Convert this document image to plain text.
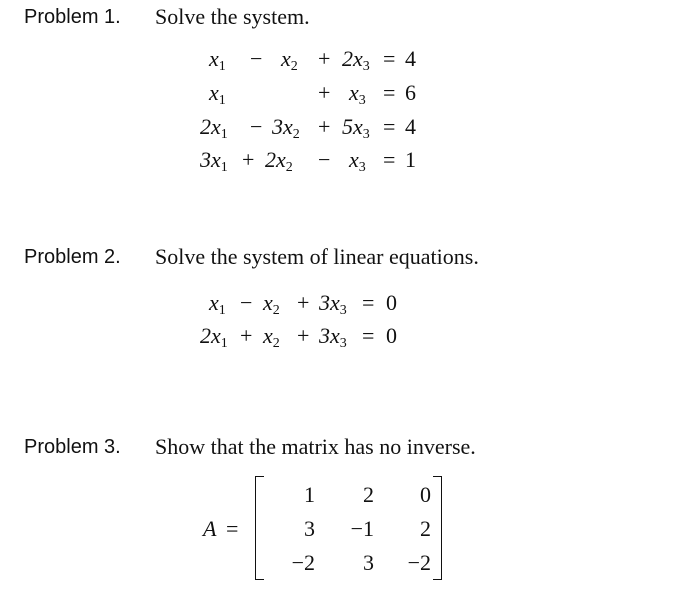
Problem 1. Solve the system.
$x_1 - x_2 + 2x_3 = 4$
$x_1$	+ $x_3 = 6$
$2x_1 - 3x_2 + 5x_3 = 4$
$3x_1 + 2x_2 - x_3 = 1$
Problem 2. Solve the system of linear equations.
$x_1 - x_2 + 3x_3 = 0$
$2x_1 + x_2 + 3x_3 = 0$
Problem 3. Show that the matrix has no inverse.
A =
1	2	0
3	−1	2
−2	3	−2
